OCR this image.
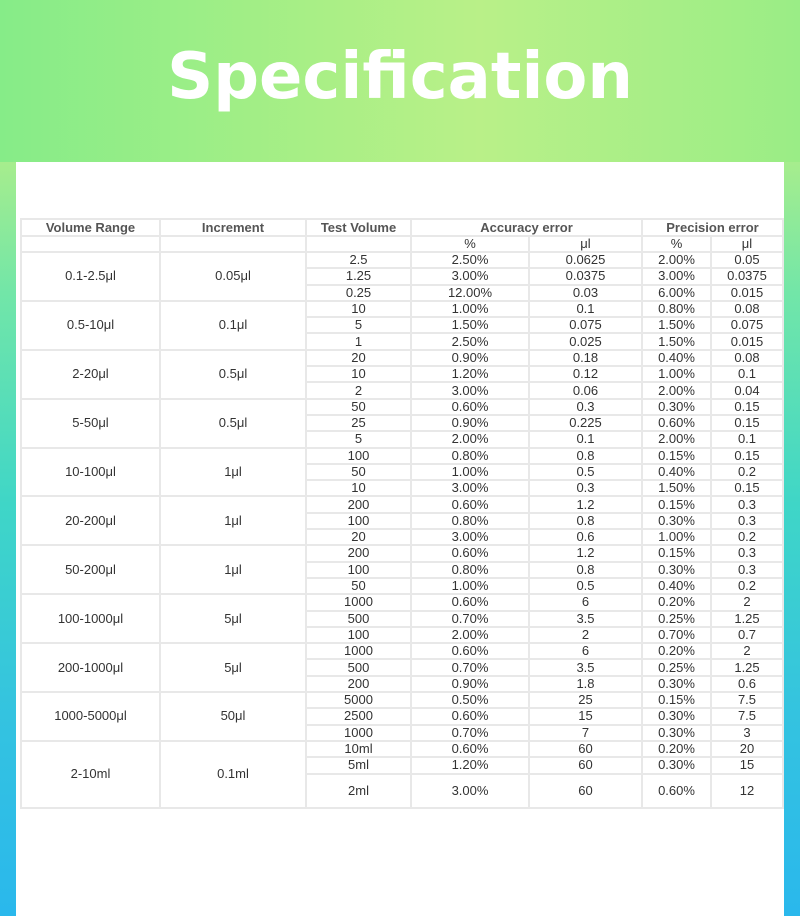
Specification
Volume Range	Increment	Test Volume	Accuracy error		Precision error	
			%	μl	%	μl
0.1-2.5μl	0.05μl	2.5	2.50%	0.0625	2.00%	0.05
		1.25	3.00%	0.0375	3.00%	0.0375
		0.25	12.00%	0.03	6.00%	0.015
0.5-10μl	0.1μl	10	1.00%	0.1	0.80%	0.08
		5	1.50%	0.075	1.50%	0.075
		1	2.50%	0.025	1.50%	0.015
2-20μl	0.5μl	20	0.90%	0.18	0.40%	0.08
		10	1.20%	0.12	1.00%	0.1
		2	3.00%	0.06	2.00%	0.04
5-50μl	0.5μl	50	0.60%	0.3	0.30%	0.15
		25	0.90%	0.225	0.60%	0.15
		5	2.00%	0.1	2.00%	0.1
10-100μl	1μl	100	0.80%	0.8	0.15%	0.15
		50	1.00%	0.5	0.40%	0.2
		10	3.00%	0.3	1.50%	0.15
20-200μl	1μl	200	0.60%	1.2	0.15%	0.3
		100	0.80%	0.8	0.30%	0.3
		20	3.00%	0.6	1.00%	0.2
50-200μl	1μl	200	0.60%	1.2	0.15%	0.3
		100	0.80%	0.8	0.30%	0.3
		50	1.00%	0.5	0.40%	0.2
100-1000μl	5μl	1000	0.60%	6	0.20%	2
		500	0.70%	3.5	0.25%	1.25
		100	2.00%	2	0.70%	0.7
200-1000μl	5μl	1000	0.60%	6	0.20%	2
		500	0.70%	3.5	0.25%	1.25
		200	0.90%	1.8	0.30%	0.6
1000-5000μl	50μl	5000	0.50%	25	0.15%	7.5
		2500	0.60%	15	0.30%	7.5
		1000	0.70%	7	0.30%	3
2-10ml	0.1ml	10ml	0.60%	60	0.20%	20
		5ml	1.20%	60	0.30%	15
		2ml	3.00%	60	0.60%	12
